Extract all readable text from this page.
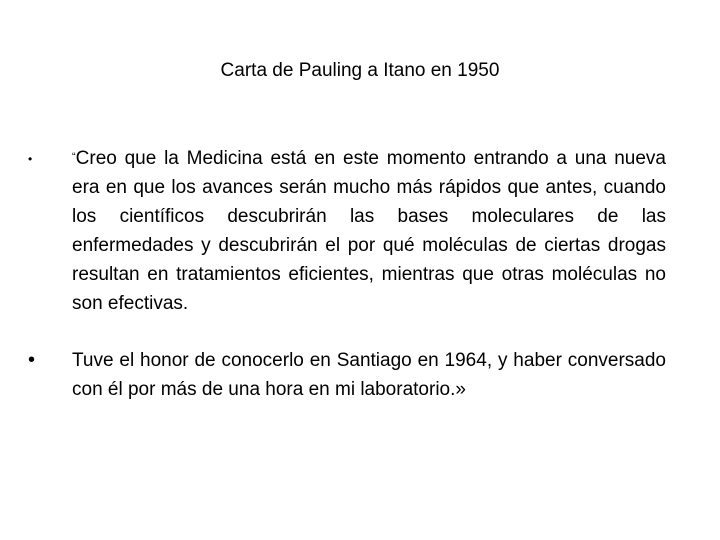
Carta de Pauling a Itano en 1950
•	“Creo que la Medicina está en este momento entrando a una nueva era en que los avances serán mucho más rápidos que antes, cuando los científicos descubrirán las bases moleculares de las enfermedades y descubrirán el por qué moléculas de ciertas drogas resultan en tratamientos eficientes, mientras que otras moléculas no son efectivas.
• Tuve el honor de conocerlo en Santiago en 1964, y haber conversado con él por más de una hora en mi laboratorio.»
